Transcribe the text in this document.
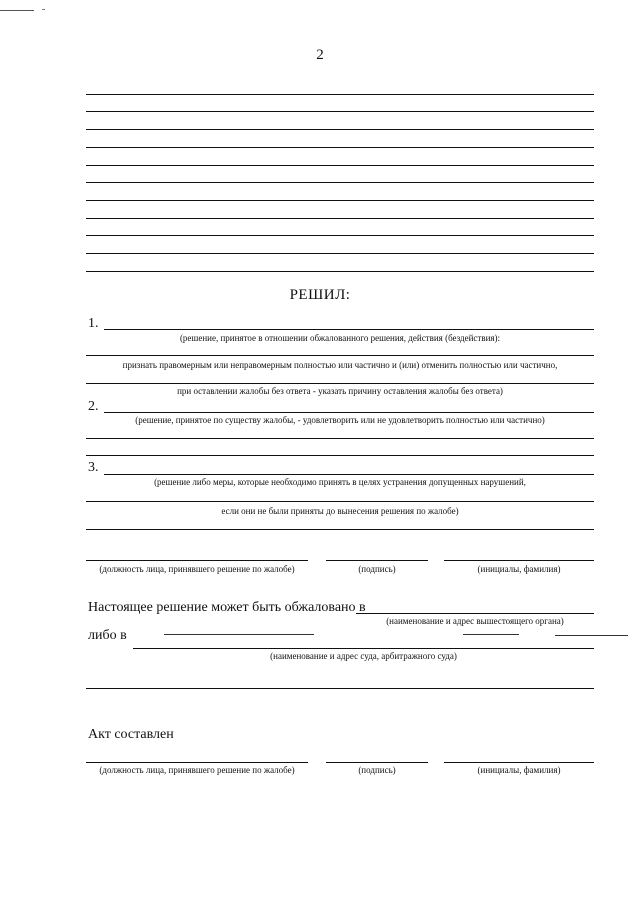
2
РЕШИЛ:
1.
(решение, принятое в отношении обжалованного решения, действия (бездействия):
признать правомерным или неправомерным полностью или частично и (или) отменить полностью или частично,
при оставлении жалобы без ответа - указать причину оставления жалобы без ответа)
2.
(решение, принятое по существу жалобы, - удовлетворить или не удовлетворить полностью или частично)
3.
(решение либо меры, которые необходимо принять в целях устранения допущенных нарушений,
если они не были приняты до вынесения решения по жалобе)
(должность лица, принявшего решение по жалобе)	(подпись)	(инициалы, фамилия)
Настоящее решение может быть обжаловано в
(наименование и адрес вышестоящего органа)
либо в
(наименование и адрес суда, арбитражного суда)
Акт составлен
(должность лица, принявшего решение по жалобе)	(подпись)	(инициалы, фамилия)
